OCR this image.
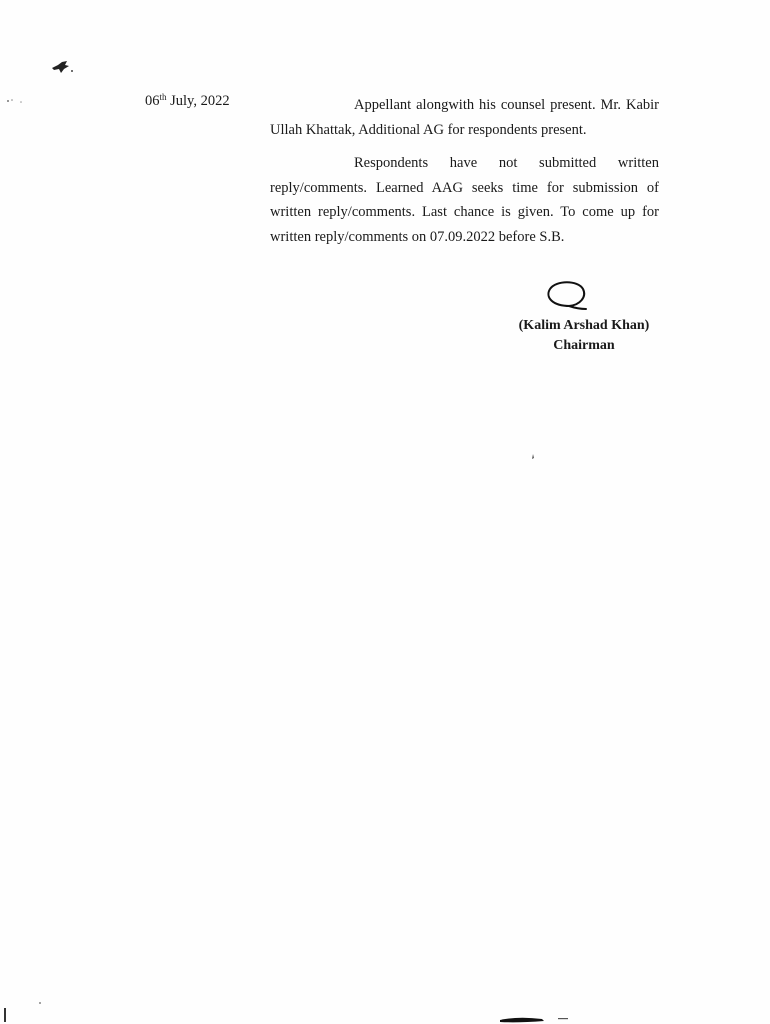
06th July, 2022	Appellant alongwith his counsel present. Mr. Kabir Ullah Khattak, Additional AG for respondents present.

Respondents have not submitted written reply/comments. Learned AAG seeks time for submission of written reply/comments. Last chance is given. To come up for written reply/comments on 07.09.2022 before S.B.

(Kalim Arshad Khan)
Chairman
